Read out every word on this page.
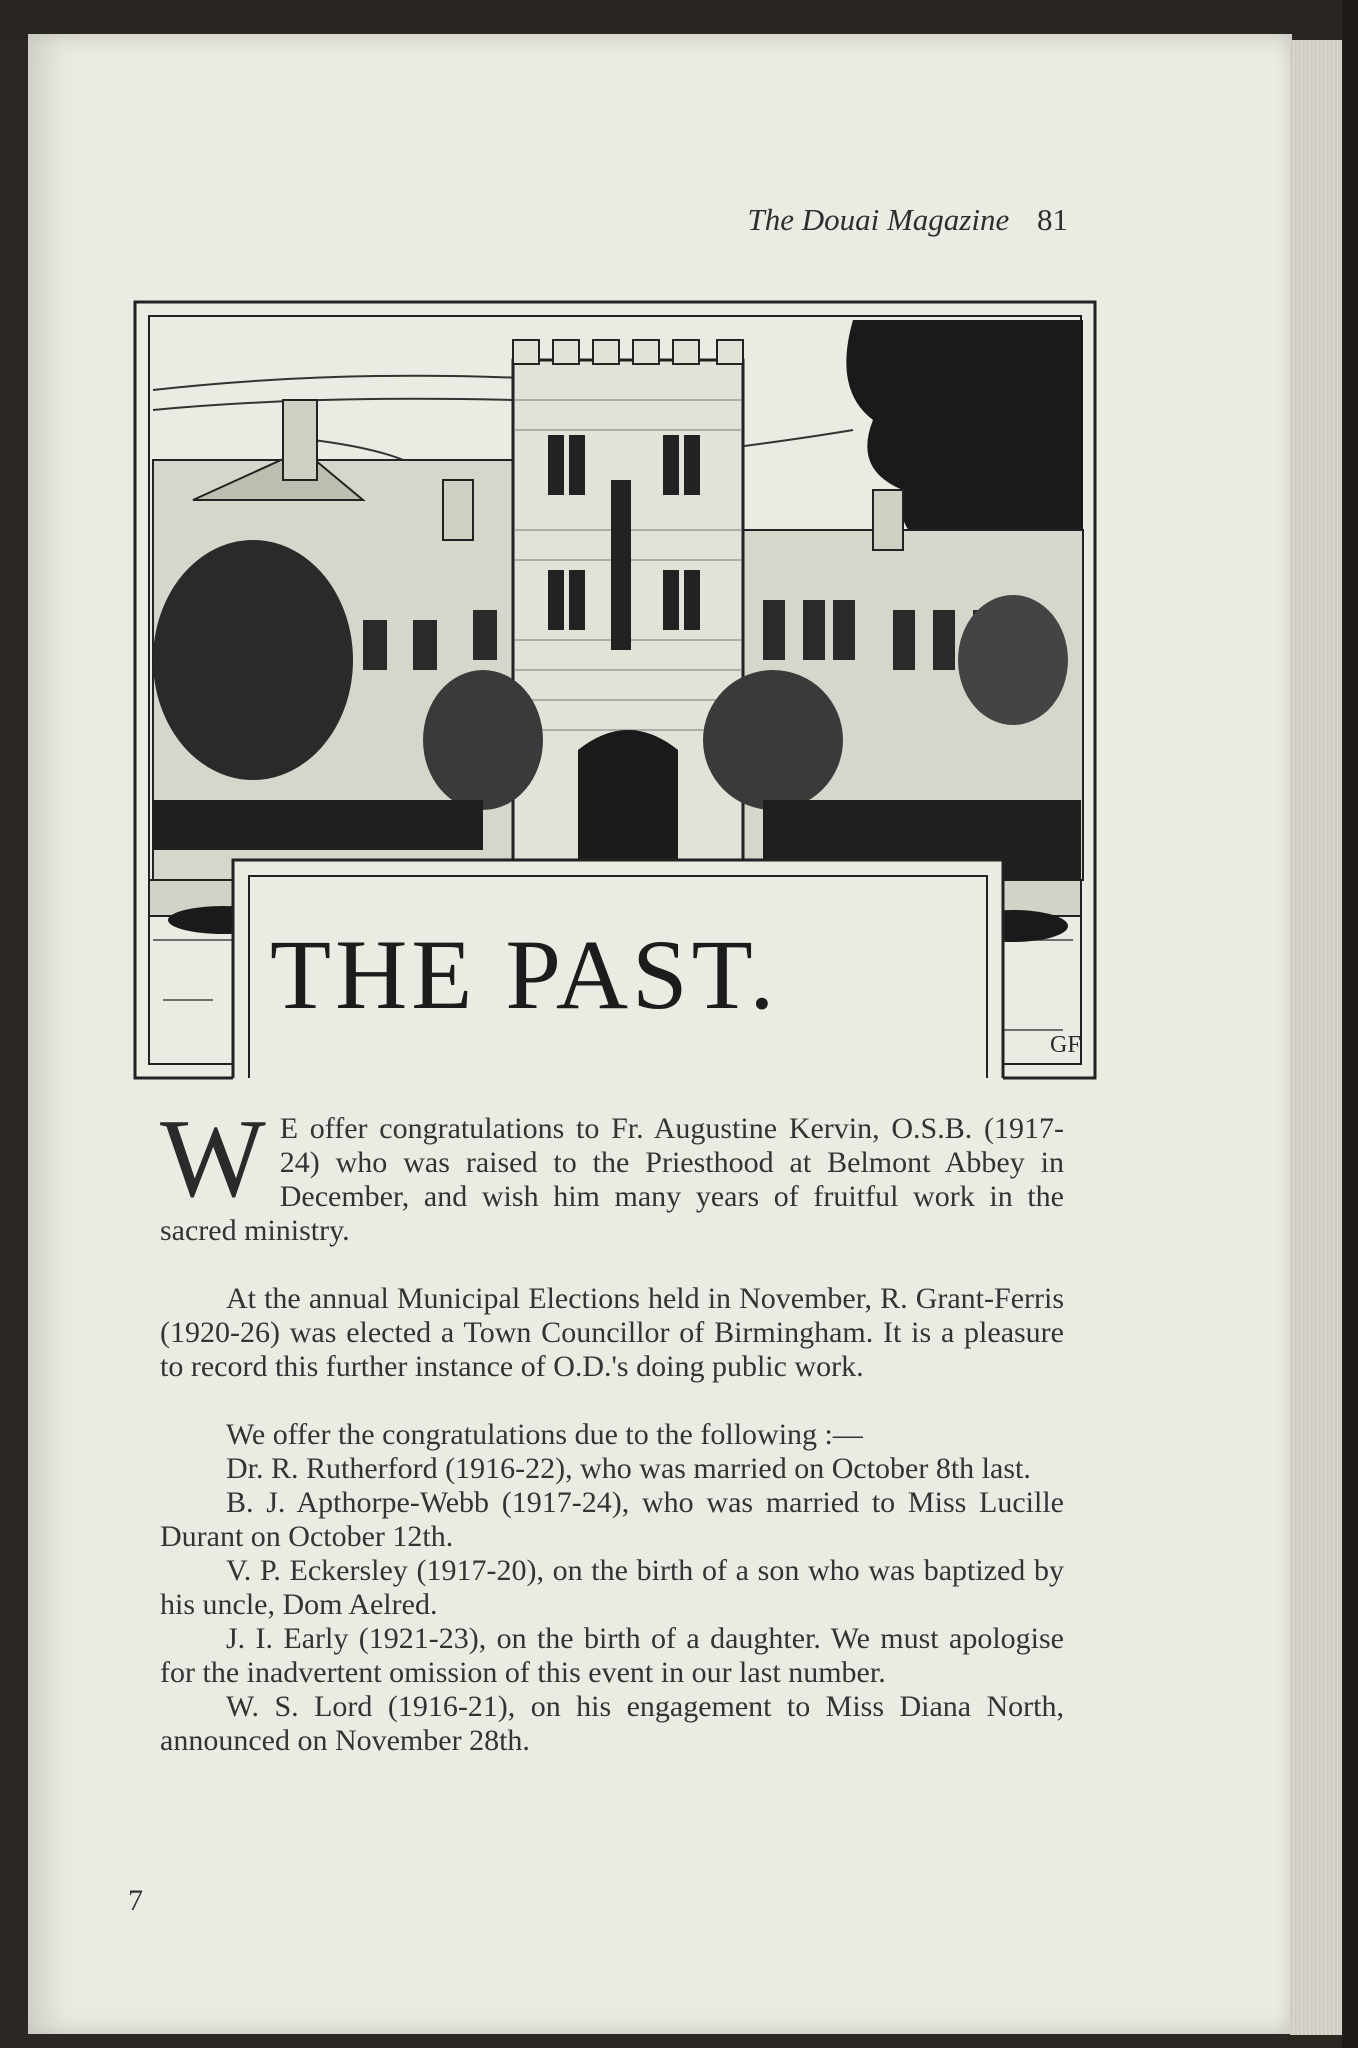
The Douai Magazine 81
THE PAST.
GF

W E offer congratulations to Fr. Augustine Kervin, O.S.B. (1917-24) who was raised to the Priesthood at Belmont Abbey in December, and wish him many years of fruitful work in the sacred ministry.

At the annual Municipal Elections held in November, R. Grant-Ferris (1920-26) was elected a Town Councillor of Birmingham. It is a pleasure to record this further instance of O.D.'s doing public work.

We offer the congratulations due to the following :—

Dr. R. Rutherford (1916-22), who was married on October 8th last.

B. J. Apthorpe-Webb (1917-24), who was married to Miss Lucille Durant on October 12th.

V. P. Eckersley (1917-20), on the birth of a son who was baptized by his uncle, Dom Aelred.

J. I. Early (1921-23), on the birth of a daughter. We must apologise for the inadvertent omission of this event in our last number.

W. S. Lord (1916-21), on his engagement to Miss Diana North, announced on November 28th.

7
